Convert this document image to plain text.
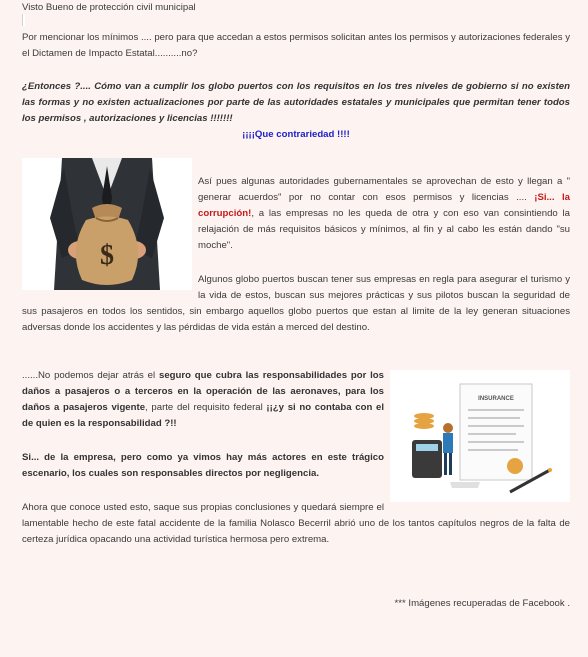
Visto Bueno de protección civil municipal

Por mencionar los mínimos .... pero para que accedan a estos permisos solicitan antes los permisos y autorizaciones federales y el Dictamen de Impacto Estatal..........no?

¿Entonces ?.... Cómo van a cumplir los globo puertos con los requisitos en los tres niveles de gobierno si no existen las formas y no existen actualizaciones por parte de las autoridades estatales y municipales que permitan tener todos los permisos , autorizaciones y licencias !!!!!!!

¡¡¡¡Que contrariedad !!!!

$

Así pues algunas autoridades gubernamentales se aprovechan de esto y llegan a " generar acuerdos" por no contar con esos permisos y licencias .... ¡Si... la corrupción!, a las empresas no les queda de otra y con eso van consintiendo la relajación de más requisitos básicos y mínimos, al fin y al cabo les están dando "su moche".

Algunos globo puertos buscan tener sus empresas en regla para asegurar el turismo y la vida de estos, buscan sus mejores prácticas y sus pilotos buscan la seguridad de sus pasajeros en todos los sentidos, sin embargo aquellos globo puertos que estan al limite de la ley generan situaciones adversas donde los accidentes y las pérdidas de vida están a merced del destino.

INSURANCE

......No podemos dejar atrás el seguro que cubra las responsabilidades por los daños a pasajeros o a terceros en la operación de las aeronaves, para los daños a pasajeros vigente, parte del requisito federal ¡¡¿y si no contaba con el de quien es la responsabilidad ?!!

Si... de la empresa, pero como ya vimos hay más actores en este trágico escenario, los cuales son responsables directos por negligencia.

Ahora que conoce usted esto, saque sus propias conclusiones y quedará siempre el lamentable hecho de este fatal accidente de la familia Nolasco Becerril abrió uno de los tantos capítulos negros de la falta de certeza jurídica opacando una actividad turística hermosa pero extrema.

*** Imágenes recuperadas de Facebook .
